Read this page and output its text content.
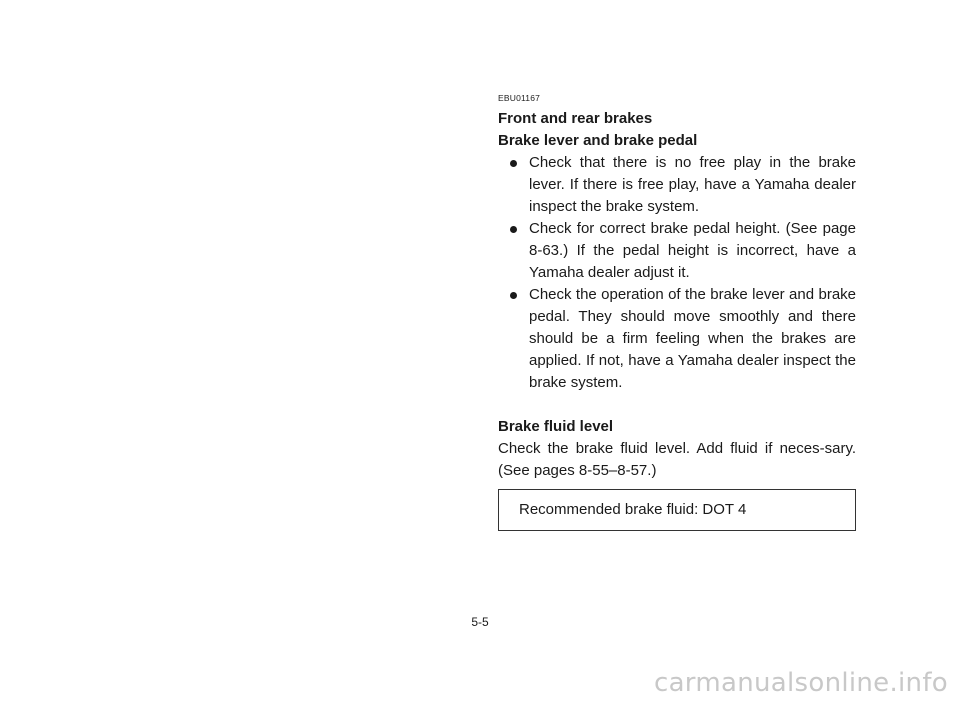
EBU01167

Front and rear brakes
Brake lever and brake pedal
Check that there is no free play in the brake lever. If there is free play, have a Yamaha dealer inspect the brake system.
Check for correct brake pedal height. (See page 8-63.) If the pedal height is incorrect, have a Yamaha dealer adjust it.
Check the operation of the brake lever and brake pedal. They should move smoothly and there should be a firm feeling when the brakes are applied. If not, have a Yamaha dealer inspect the brake system.
Brake fluid level

Check the brake fluid level. Add fluid if neces-sary. (See pages 8-55–8-57.)

Recommended brake fluid: DOT 4
5-5
carmanualsonline.info
